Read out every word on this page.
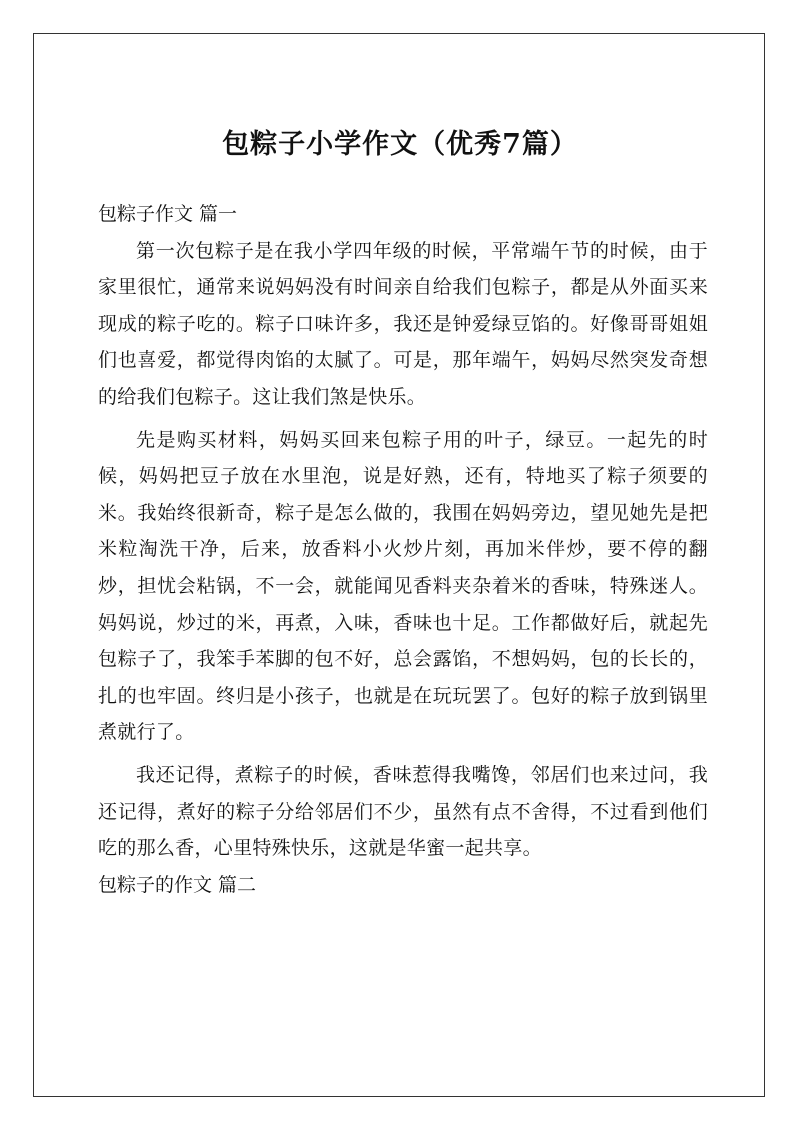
包粽子小学作文（优秀7篇）

包粽子作文 篇一

第一次包粽子是在我小学四年级的时候，平常端午节的时候，由于家里很忙，通常来说妈妈没有时间亲自给我们包粽子，都是从外面买来现成的粽子吃的。粽子口味许多，我还是钟爱绿豆馅的。好像哥哥姐姐们也喜爱，都觉得肉馅的太腻了。可是，那年端午，妈妈尽然突发奇想的给我们包粽子。这让我们煞是快乐。

先是购买材料，妈妈买回来包粽子用的叶子，绿豆。一起先的时候，妈妈把豆子放在水里泡，说是好熟，还有，特地买了粽子须要的米。我始终很新奇，粽子是怎么做的，我围在妈妈旁边，望见她先是把米粒淘洗干净，后来，放香料小火炒片刻，再加米伴炒，要不停的翻炒，担忧会粘锅，不一会，就能闻见香料夹杂着米的香味，特殊迷人。妈妈说，炒过的米，再煮，入味，香味也十足。工作都做好后，就起先包粽子了，我笨手苯脚的包不好，总会露馅，不想妈妈，包的长长的，扎的也牢固。终归是小孩子，也就是在玩玩罢了。包好的粽子放到锅里煮就行了。

我还记得，煮粽子的时候，香味惹得我嘴馋，邻居们也来过问，我还记得，煮好的粽子分给邻居们不少，虽然有点不舍得，不过看到他们吃的那么香，心里特殊快乐，这就是华蜜一起共享。

包粽子的作文 篇二
